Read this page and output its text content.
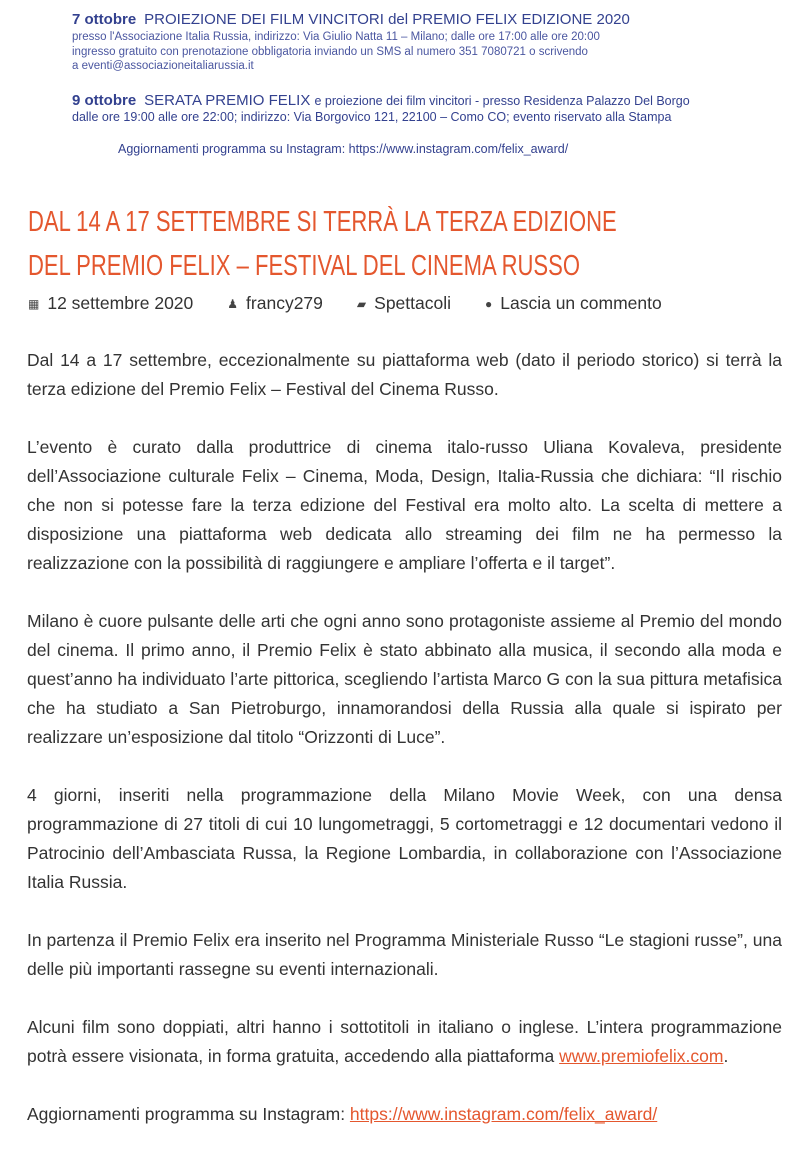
7 ottobre PROIEZIONE DEI FILM VINCITORI del PREMIO FELIX EDIZIONE 2020
presso l'Associazione Italia Russia, indirizzo: Via Giulio Natta 11 – Milano; dalle ore 17:00 alle ore 20:00
ingresso gratuito con prenotazione obbligatoria inviando un SMS al numero 351 7080721 o scrivendo
a eventi@associazioneitaliarussia.it
9 ottobre SERATA PREMIO FELIX e proiezione dei film vincitori - presso Residenza Palazzo Del Borgo
dalle ore 19:00 alle ore 22:00; indirizzo: Via Borgovico 121, 22100 – Como CO; evento riservato alla Stampa
Aggiornamenti programma su Instagram: https://www.instagram.com/felix_award/
DAL 14 A 17 SETTEMBRE SI TERRÀ LA TERZA EDIZIONE
DEL PREMIO FELIX – FESTIVAL DEL CINEMA RUSSO
▦ 12 settembre 2020	♟ francy279	▰ Spettacoli	● Lascia un commento

Dal 14 a 17 settembre, eccezionalmente su piattaforma web (dato il periodo storico) si terrà la terza edizione del Premio Felix – Festival del Cinema Russo.

L’evento è curato dalla produttrice di cinema italo-russo Uliana Kovaleva, presidente dell’Associazione culturale Felix – Cinema, Moda, Design, Italia-Russia che dichiara: “Il rischio che non si potesse fare la terza edizione del Festival era molto alto. La scelta di mettere a disposizione una piattaforma web dedicata allo streaming dei film ne ha permesso la realizzazione con la possibilità di raggiungere e ampliare l’offerta e il target”.

Milano è cuore pulsante delle arti che ogni anno sono protagoniste assieme al Premio del mondo del cinema. Il primo anno, il Premio Felix è stato abbinato alla musica, il secondo alla moda e quest’anno ha individuato l’arte pittorica, scegliendo l’artista Marco G con la sua pittura metafisica che ha studiato a San Pietroburgo, innamorandosi della Russia alla quale si ispirato per realizzare un’esposizione dal titolo “Orizzonti di Luce”.

4 giorni, inseriti nella programmazione della Milano Movie Week, con una densa programmazione di 27 titoli di cui 10 lungometraggi, 5 cortometraggi e 12 documentari vedono il Patrocinio dell’Ambasciata Russa, la Regione Lombardia, in collaborazione con l’Associazione Italia Russia.

In partenza il Premio Felix era inserito nel Programma Ministeriale Russo “Le stagioni russe”, una delle più importanti rassegne su eventi internazionali.

Alcuni film sono doppiati, altri hanno i sottotitoli in italiano o inglese. L’intera programmazione potrà essere visionata, in forma gratuita, accedendo alla piattaforma www.premiofelix.com.

Aggiornamenti programma su Instagram: https://www.instagram.com/felix_award/
